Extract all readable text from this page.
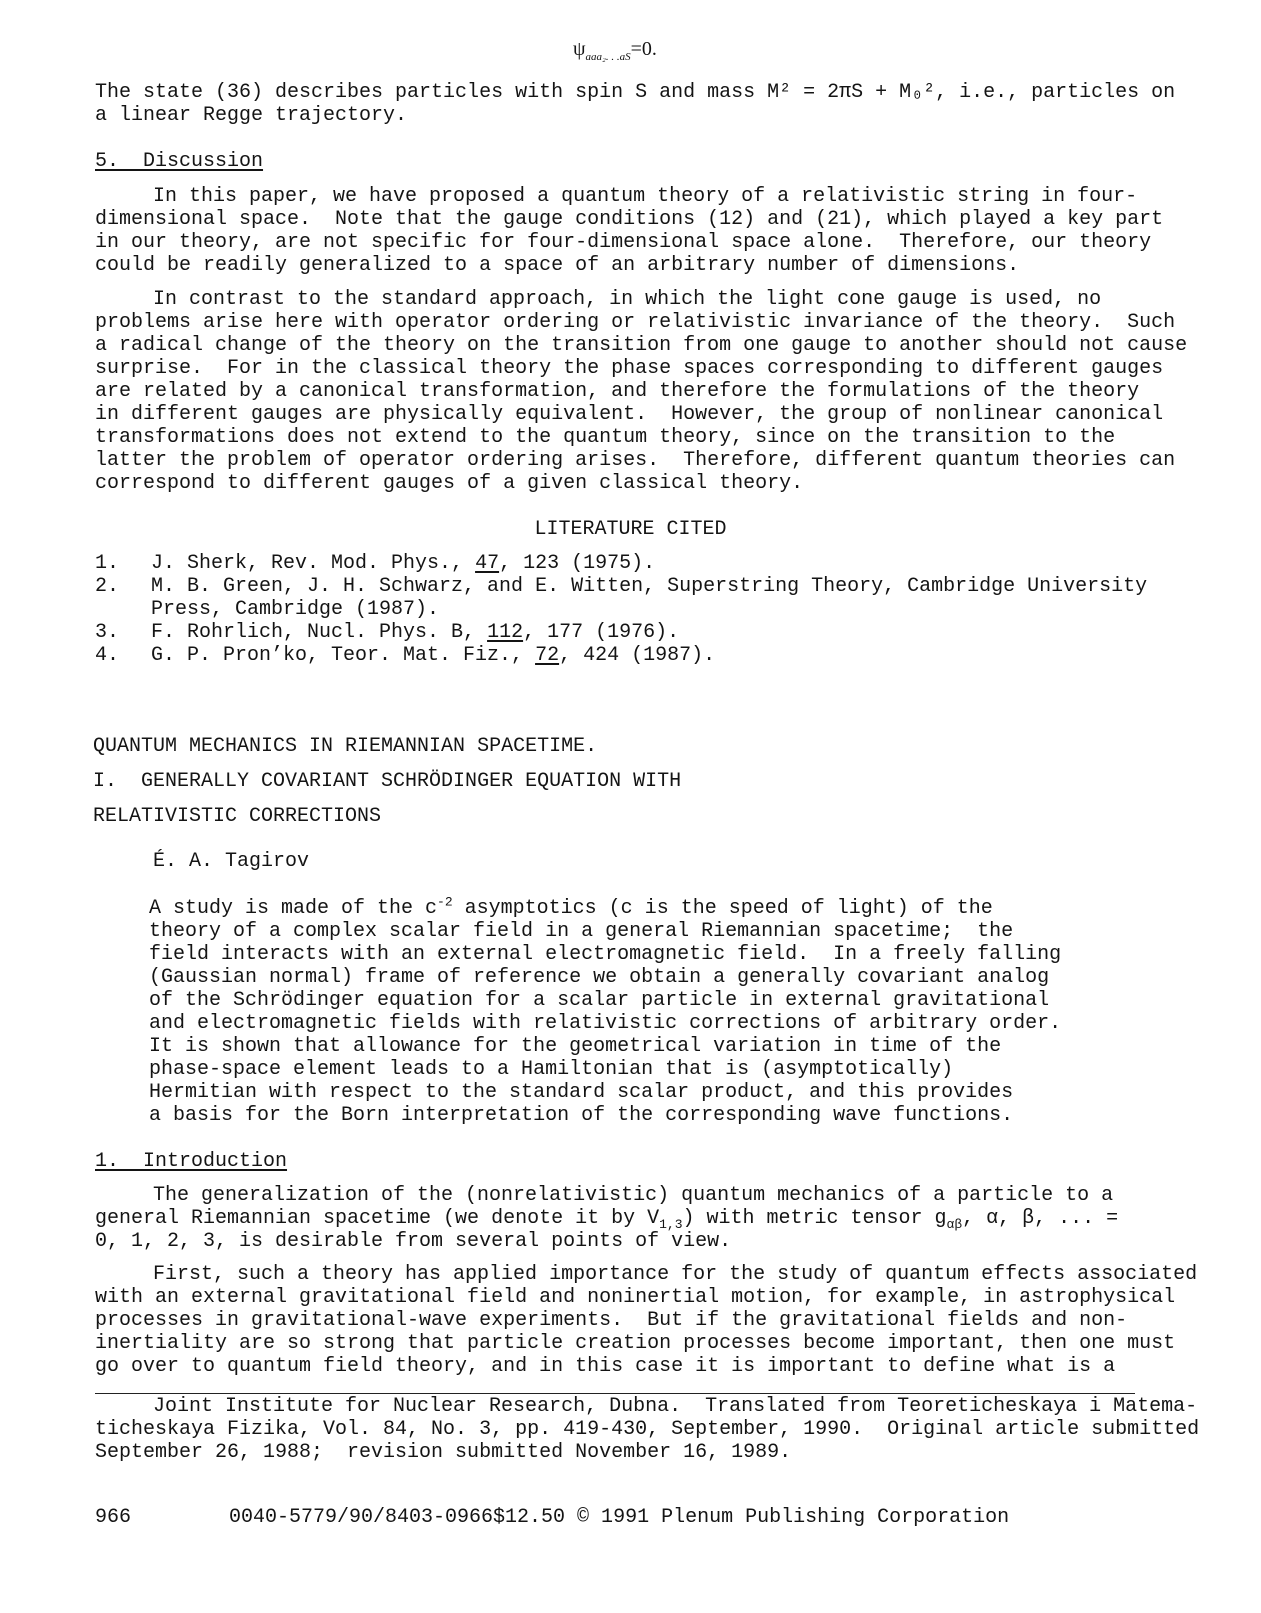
$\psi_{aaa_2. . .aS}=0$.
The state (36) describes particles with spin S and mass M² = 2πS + M₀², i.e., particles on
a linear Regge trajectory.
5.  Discussion
In this paper, we have proposed a quantum theory of a relativistic string in four-
dimensional space.  Note that the gauge conditions (12) and (21), which played a key part
in our theory, are not specific for four-dimensional space alone.  Therefore, our theory
could be readily generalized to a space of an arbitrary number of dimensions.
In contrast to the standard approach, in which the light cone gauge is used, no
problems arise here with operator ordering or relativistic invariance of the theory.  Such
a radical change of the theory on the transition from one gauge to another should not cause
surprise.  For in the classical theory the phase spaces corresponding to different gauges
are related by a canonical transformation, and therefore the formulations of the theory
in different gauges are physically equivalent.  However, the group of nonlinear canonical
transformations does not extend to the quantum theory, since on the transition to the
latter the problem of operator ordering arises.  Therefore, different quantum theories can
correspond to different gauges of a given classical theory.
LITERATURE CITED
1. J. Sherk, Rev. Mod. Phys., 47, 123 (1975).
2. M. B. Green, J. H. Schwarz, and E. Witten, Superstring Theory, Cambridge University
Press, Cambridge (1987).
3. F. Rohrlich, Nucl. Phys. B, 112, 177 (1976).
4. G. P. Pron’ko, Teor. Mat. Fiz., 72, 424 (1987).
QUANTUM MECHANICS IN RIEMANNIAN SPACETIME.
I.  GENERALLY COVARIANT SCHRÖDINGER EQUATION WITH
RELATIVISTIC CORRECTIONS
É. A. Tagirov
A study is made of the $c^{-2}$ asymptotics (c is the speed of light) of the
theory of a complex scalar field in a general Riemannian spacetime;  the
field interacts with an external electromagnetic field.  In a freely falling
(Gaussian normal) frame of reference we obtain a generally covariant analog
of the Schrödinger equation for a scalar particle in external gravitational
and electromagnetic fields with relativistic corrections of arbitrary order.
It is shown that allowance for the geometrical variation in time of the
phase-space element leads to a Hamiltonian that is (asymptotically)
Hermitian with respect to the standard scalar product, and this provides
a basis for the Born interpretation of the corresponding wave functions.
1.  Introduction
The generalization of the (nonrelativistic) quantum mechanics of a particle to a
general Riemannian spacetime (we denote it by $V_{1,3}$) with metric tensor $g_{\alpha\beta}$, α, β, ... =
0, 1, 2, 3, is desirable from several points of view.
First, such a theory has applied importance for the study of quantum effects associated
with an external gravitational field and noninertial motion, for example, in astrophysical
processes in gravitational-wave experiments.  But if the gravitational fields and non-
inertiality are so strong that particle creation processes become important, then one must
go over to quantum field theory, and in this case it is important to define what is a
Joint Institute for Nuclear Research, Dubna.  Translated from Teoreticheskaya i Matema-
ticheskaya Fizika, Vol. 84, No. 3, pp. 419-430, September, 1990.  Original article submitted
September 26, 1988;  revision submitted November 16, 1989.
966	0040-5779/90/8403-0966$12.50 © 1991 Plenum Publishing Corporation
